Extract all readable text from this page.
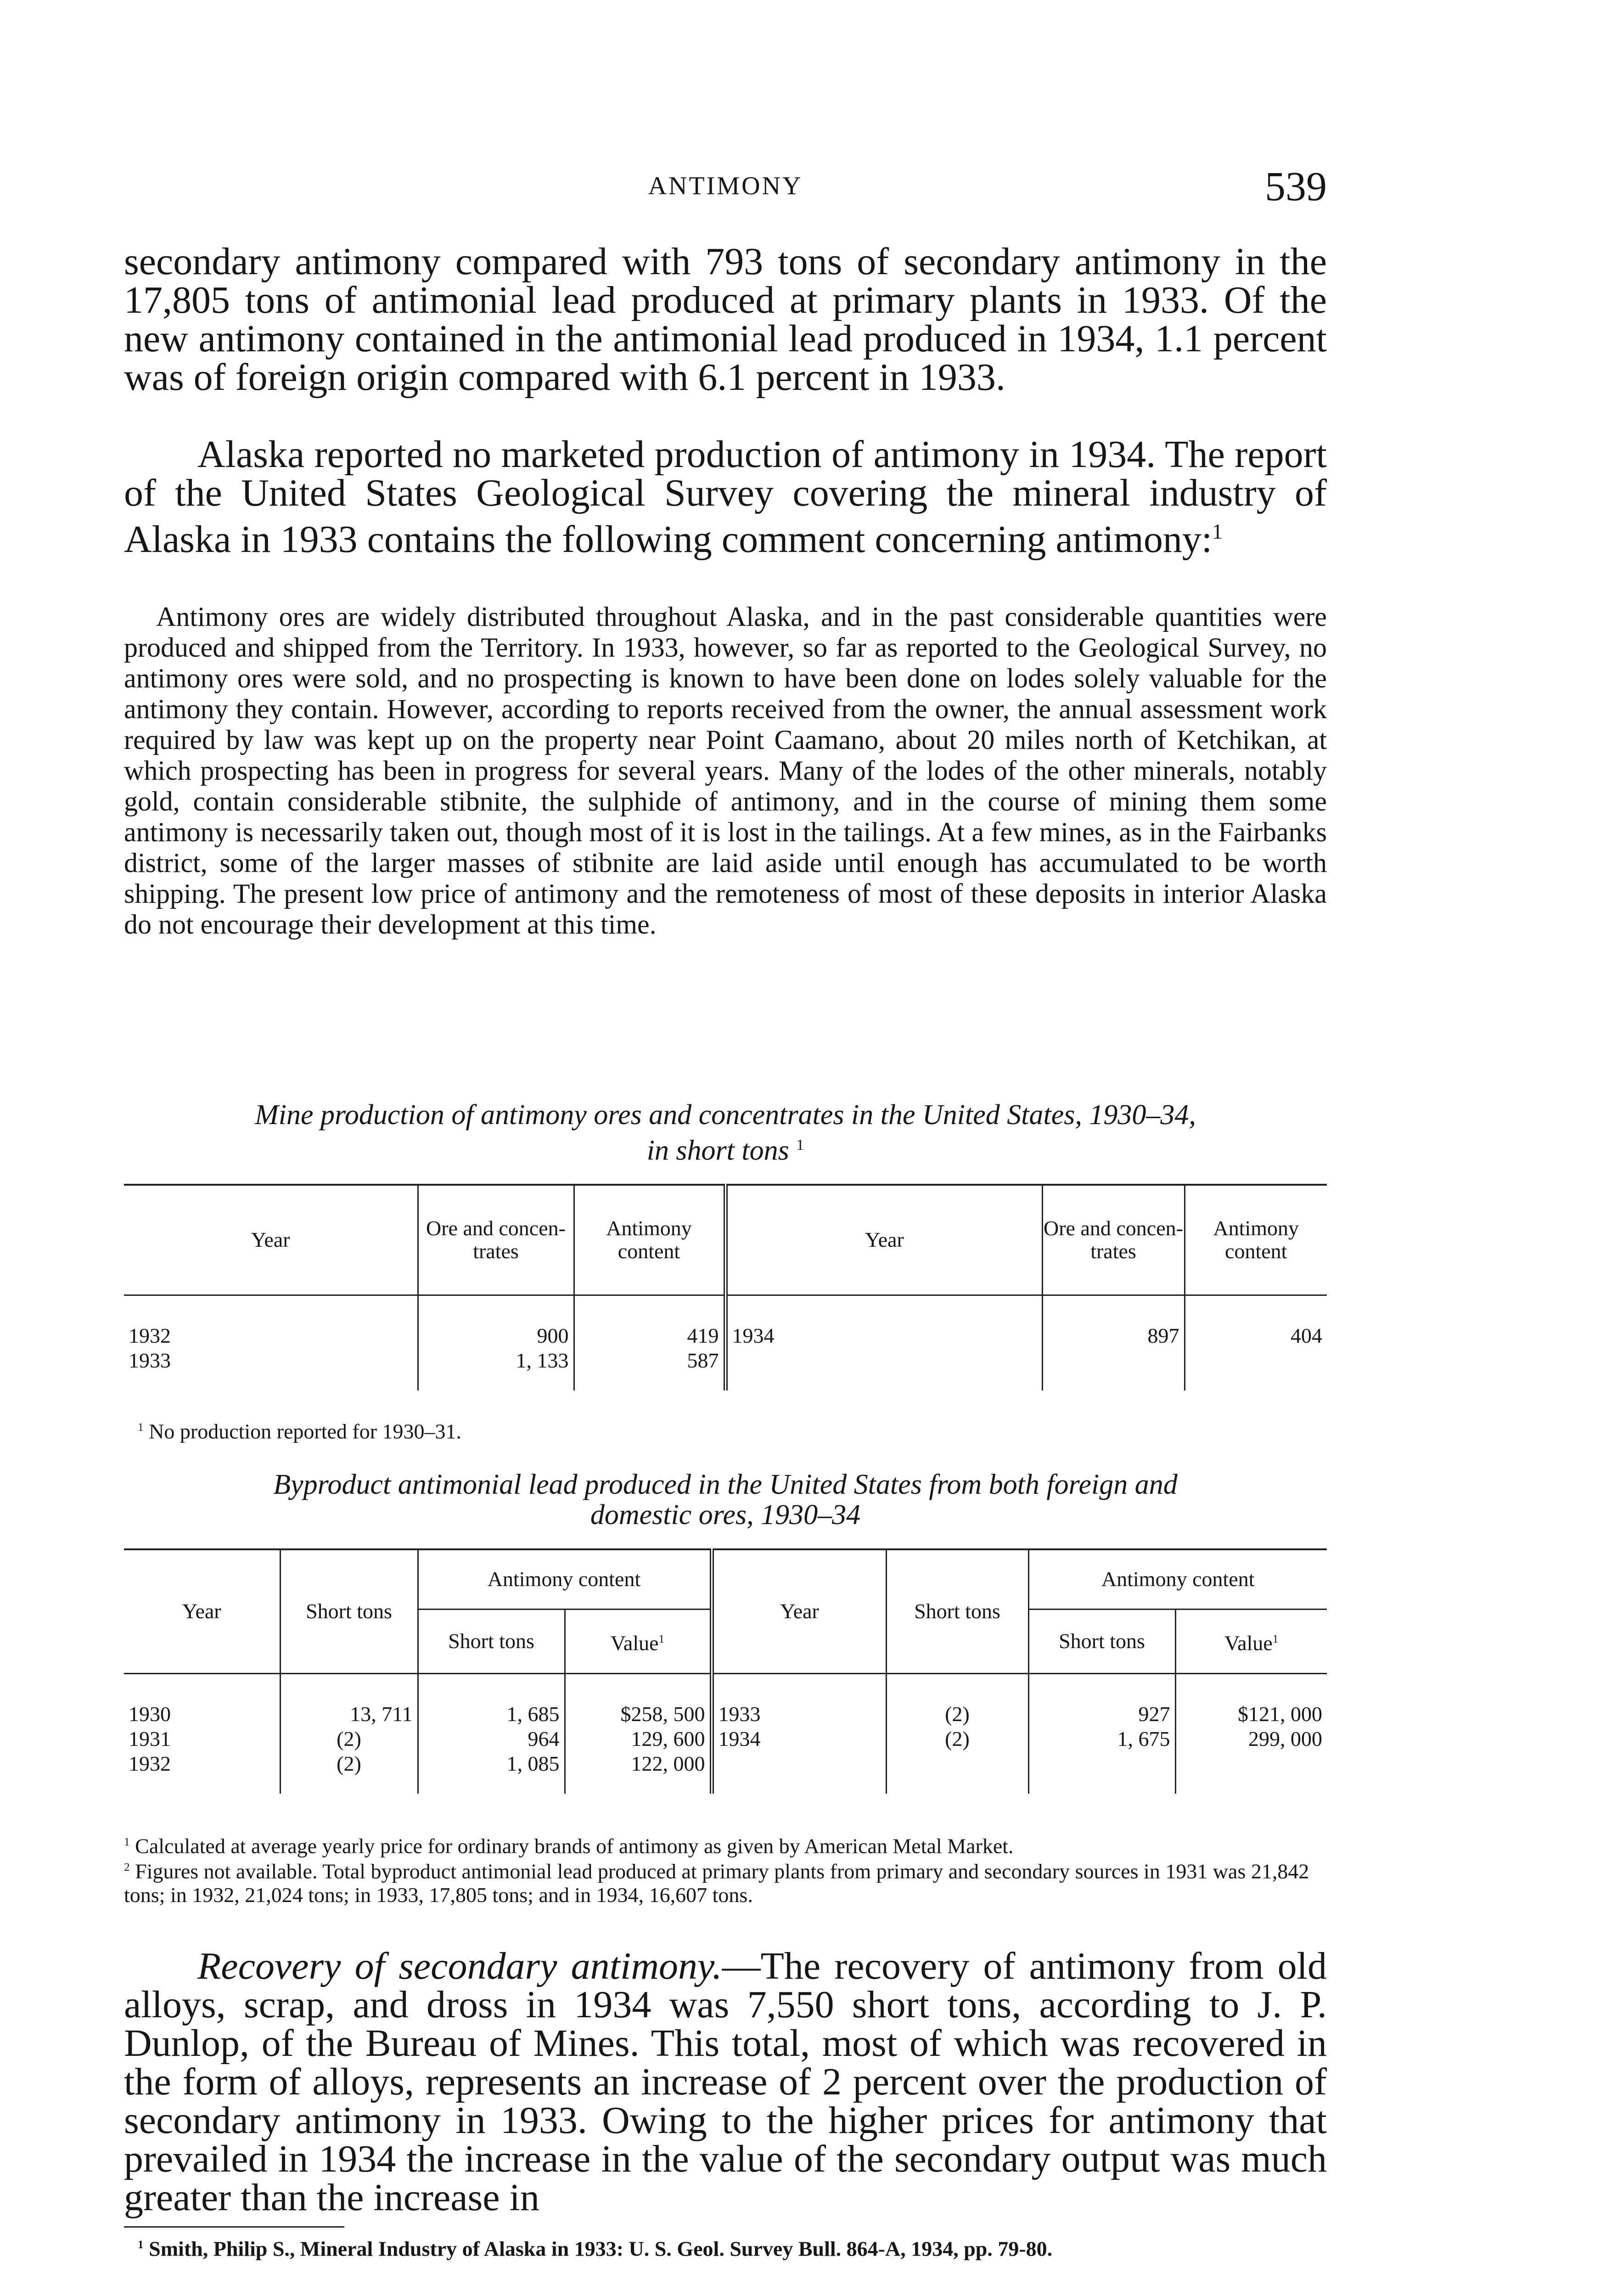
ANTIMONY	539

secondary antimony compared with 793 tons of secondary antimony in the 17,805 tons of antimonial lead produced at primary plants in 1933. Of the new antimony contained in the antimonial lead produced in 1934, 1.1 percent was of foreign origin compared with 6.1 percent in 1933.

Alaska reported no marketed production of antimony in 1934. The report of the United States Geological Survey covering the mineral industry of Alaska in 1933 contains the following comment concerning antimony:$^1$

Antimony ores are widely distributed throughout Alaska, and in the past considerable quantities were produced and shipped from the Territory. In 1933, however, so far as reported to the Geological Survey, no antimony ores were sold, and no prospecting is known to have been done on lodes solely valuable for the antimony they contain. However, according to reports received from the owner, the annual assessment work required by law was kept up on the property near Point Caamano, about 20 miles north of Ketchikan, at which prospecting has been in progress for several years. Many of the lodes of the other minerals, notably gold, contain considerable stibnite, the sulphide of antimony, and in the course of mining them some antimony is necessarily taken out, though most of it is lost in the tailings. At a few mines, as in the Fairbanks district, some of the larger masses of stibnite are laid aside until enough has accumulated to be worth shipping. The present low price of antimony and the remoteness of most of these deposits in interior Alaska do not encourage their development at this time.

Mine production of antimony ores and concentrates in the United States, 1930–34,
in short tons $^1$

Year	Ore and concen- trates	Antimony content	Year	Ore and concen- trates	Antimony content

1932	900	419	1934	897	404
1933	1, 133	587			

$^1$ No production reported for 1930–31.

Byproduct antimonial lead produced in the United States from both foreign and
domestic ores, 1930–34

Year	Short tons	Antimony content		Year	Short tons	Antimony content	
		Short tons	Value$^1$			Short tons	Value$^1$

1930	13, 711	1, 685	$258, 500	1933	(2)	927	$121, 000
1931	(2)	964	129, 600	1934	(2)	1, 675	299, 000
1932	(2)	1, 085	122, 000				

$^1$ Calculated at average yearly price for ordinary brands of antimony as given by American Metal Market.

$^2$ Figures not available. Total byproduct antimonial lead produced at primary plants from primary and secondary sources in 1931 was 21,842 tons; in 1932, 21,024 tons; in 1933, 17,805 tons; and in 1934, 16,607 tons.

Recovery of secondary antimony.—The recovery of antimony from old alloys, scrap, and dross in 1934 was 7,550 short tons, according to J. P. Dunlop, of the Bureau of Mines. This total, most of which was recovered in the form of alloys, represents an increase of 2 percent over the production of secondary antimony in 1933. Owing to the higher prices for antimony that prevailed in 1934 the increase in the value of the secondary output was much greater than the increase in

$^1$ Smith, Philip S., Mineral Industry of Alaska in 1933: U. S. Geol. Survey Bull. 864-A, 1934, pp. 79-80.
